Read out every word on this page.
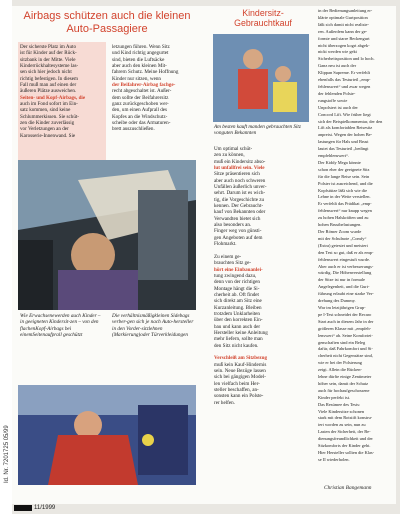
Airbags schützen auch die kleinen
Auto-Passagiere
Der sicherste Platz im Auto
ist für Kinder auf der Rück-
sitzbank in der Mitte. Viele
Kinderrückhaltesysteme las-
sen sich hier jedoch nicht
richtig befestigen. In diesem
Fall muß man auf einen der
äußeren Plätze ausweichen.
Seiten- und Kopf-Airbags, die
auch im Fond sofort im Ein-
satz kommen, sind keine
Schlummerkissen. Sie schüt-
zen die Kinder zuverlässig
vor Verletzungen an der
Karosserie-Innenwand. Sie
letzungen führen. Wenn Sitz
und Kind richtig angegurtet
sind, bieten die Luftsäcke
aber auch den kleinen Mit-
fahrern Schutz. Meine Hoffnung
Kinder nur sitzen, wenn
der Beifahrer-Airbag fachge-
recht abgeschaltet ist. Außer-
dem sollte der Beifahrersitz
ganz zurückgeschoben wer-
den, um einen Aufprall des
Kopfes an die Windschutz-
scheibe oder das Armaturen-
brett auszuschließen.
Wie Erwachsenewerden auch Kinder –in geeigneten Kindersit-zen – von den flachenKopf-Airbags bei einemSeitenaufprall geschützt
Die verhältnismäßigkleinen Sidebags verber-gen sich je nach Auto-hersteller in den Vorder-sitzlehnen (Markierung)oder Türverkleidungen
Kindersitz-
Gebrauchtkauf
Am besten kauft manden gebrauchten Sitz vonguten Bekannten
Um optimal schüt-
zen zu können,
muß ein Kindersitz abso-
lut unfallfrei sein. Viele
Sitze präsentieren sich
aber auch noch schweren
Unfällen äußerlich unver-
sehrt. Darum ist es wich-
tig, die Vorgeschichte zu
kennen. Der Gebraucht-
kauf von Bekannten oder
Verwandten bietet sich
also besonders an.
Finger weg von günsti-
gen Angeboten auf dem
Flohmarkt.

Zu einem ge-
brauchten Sitz ge-
hört eine Einbauanlei-
tung zwingend dazu,
denn von der richtigen
Montage hängt die Si-
cherheit ab. Oft findet
sich direkt am Sitz eine
Kurzanleitung. Bleiben
trotzdem Unklarheiten
über den korrekten Ein-
bau und kann auch der
Hersteller keine Anleitung
mehr liefern, sollte man
den Sitz nicht kaufen.

Verschleiß am Sitzbezug
muß kein Kauf-Hindernis
sein. Neue Bezüge lassen
sich bei gängigen Model-
len vielfach beim Her-
steller beschaffen, an-
sonsten kann ein Polste-
rer helfen.
in der Bedienungsanleitung er-
klärte optimale Gurtposition
läßt sich damit nicht realisie-
ren. Außerdem kann der ge-
formte und starre Beckengurt
nicht überzogen kogri abgek-
nickt werden wie gekt
Sicherheitsposition und lo hoch.
Ganz neu ist auch der
Klippan Supreme. Er verfehlt
ebenfalls das Testurteil „emp-
fehlenswert“ und zwar wegen
der fehlenden Polste-
rungstoffe sowie
Unpolstert ist auch der
Concord Lift. Wie früher liegt
sich der Beispielkommentar, der den
Lift als komfortablen Reisesitz
anpreist. Wegen der hohen Be-
lastungen für Hals und Brust
lautet das Testurteil „bedingt
empfehlenswert“.
Der Kiddy Mega könnte
schon eher der geeignete Sitz
für die lange Reise sein. Sein
Polster ist ausreichend, und die
Kopfstütze läßt sich wie die
Lehne in der Weite verstellen.
Er verfehlt das Prädikat „emp-
fehlenswert“ nur knapp wegen
zu hohen Halskräften und zu
hohen Brustbelastungen.
Der Römer Zoom wurde
mit der Schulnote „Comfy“
(Extra) getestet und meistert
den Test so gut, daß er als emp-
fehlenswert eingestuft wurde.
Aber auch er ist verbesserungs-
würdig. Die Höhenverstellung
der Sitze ist nur in formale
Angelegenheit, und die Gurt-
führung erlaubt eine starke Ver-
drehung des Dummy.
War im letztjährigen Grup-
pe I-Test schneidet der Recaro
Start auch in diesem Jahr in der
größeren Klasse mit „empfeh-
lenswert“ ab. Seine Komfortei-
genschaften sind ein Beleg
dafür, daß Fahrkomfort und Si-
cherheit nicht Gegensätze sind,
wie er bei der Polsterung
zeigt. Allein die Rücken-
lehne dürfte einige Zentimeter
höher sein, damit der Schutz
auch für hochaufgeschossene
Kinder perfekt ist.
Das Resümee des Tests:
Viele Kindersitze schonen
stark mit dem Rotstift konstru-
iert worden zu sein, nun zu
Lasten der Sicherheit, der Be-
dienungsfreundlichkeit und der
Sitzkomforts der Kinder geht.
Hier Hersteller sollten die Klas-
se II wiederholen.
Christian Bangemann
Id. Nr. 7201725 05/99
11/1999
